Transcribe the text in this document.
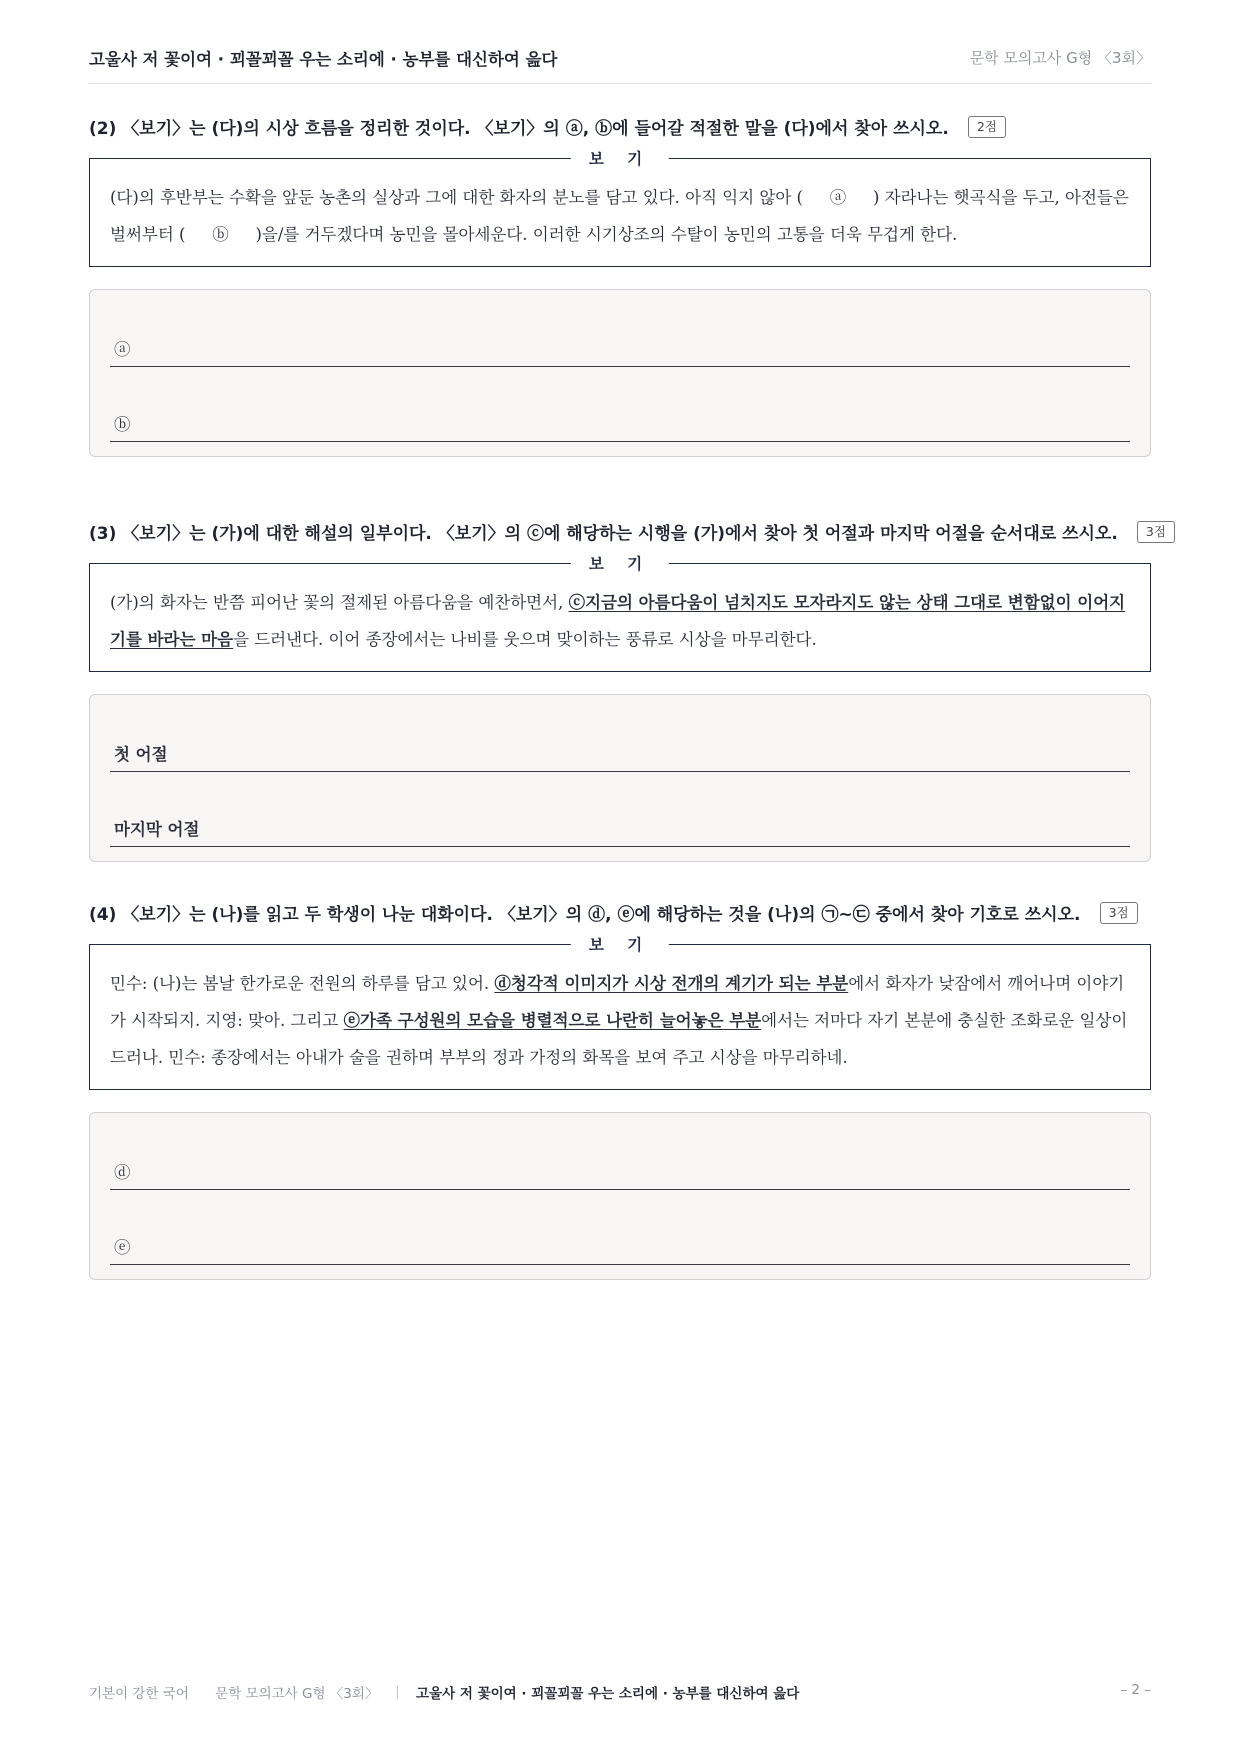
고울사 저 꽃이여 · 꾀꼴꾀꼴 우는 소리에 · 농부를 대신하여 읊다	문학 모의고사 G형 〈3회〉
(2) 〈보기〉는 (다)의 시상 흐름을 정리한 것이다. 〈보기〉의 ⓐ, ⓑ에 들어갈 적절한 말을 (다)에서 찾아 쓰시오. 2점
보 기
(다)의 후반부는 수확을 앞둔 농촌의 실상과 그에 대한 화자의 분노를 담고 있다. 아직 익지 않아 ( ⓐ ) 자라나는 햇곡식을 두고, 아전들은 벌써부터 ( ⓑ )을/를 거두겠다며 농민을 몰아세운다. 이러한 시기상조의 수탈이 농민의 고통을 더욱 무겁게 한다.
ⓐ
ⓑ
(3) 〈보기〉는 (가)에 대한 해설의 일부이다. 〈보기〉의 ⓒ에 해당하는 시행을 (가)에서 찾아 첫 어절과 마지막 어절을 순서대로 쓰시오. 3점
보 기
(가)의 화자는 반쯤 피어난 꽃의 절제된 아름다움을 예찬하면서, ⓒ지금의 아름다움이 넘치지도 모자라지도 않는 상태 그대로 변함없이 이어지기를 바라는 마음을 드러낸다. 이어 종장에서는 나비를 웃으며 맞이하는 풍류로 시상을 마무리한다.
첫 어절
마지막 어절
(4) 〈보기〉는 (나)를 읽고 두 학생이 나눈 대화이다. 〈보기〉의 ⓓ, ⓔ에 해당하는 것을 (나)의 ㉠~㉢ 중에서 찾아 기호로 쓰시오. 3점
보 기
민수: (나)는 봄날 한가로운 전원의 하루를 담고 있어. ⓓ청각적 이미지가 시상 전개의 계기가 되는 부분에서 화자가 낮잠에서 깨어나며 이야기가 시작되지. 지영: 맞아. 그리고 ⓔ가족 구성원의 모습을 병렬적으로 나란히 늘어놓은 부분에서는 저마다 자기 본분에 충실한 조화로운 일상이 드러나. 민수: 종장에서는 아내가 술을 권하며 부부의 정과 가정의 화목을 보여 주고 시상을 마무리하네.
ⓓ
ⓔ
기본이 강한 국어 문학 모의고사 G형 〈3회〉	고울사 저 꽃이여 · 꾀꼴꾀꼴 우는 소리에 · 농부를 대신하여 읊다	– 2 –
